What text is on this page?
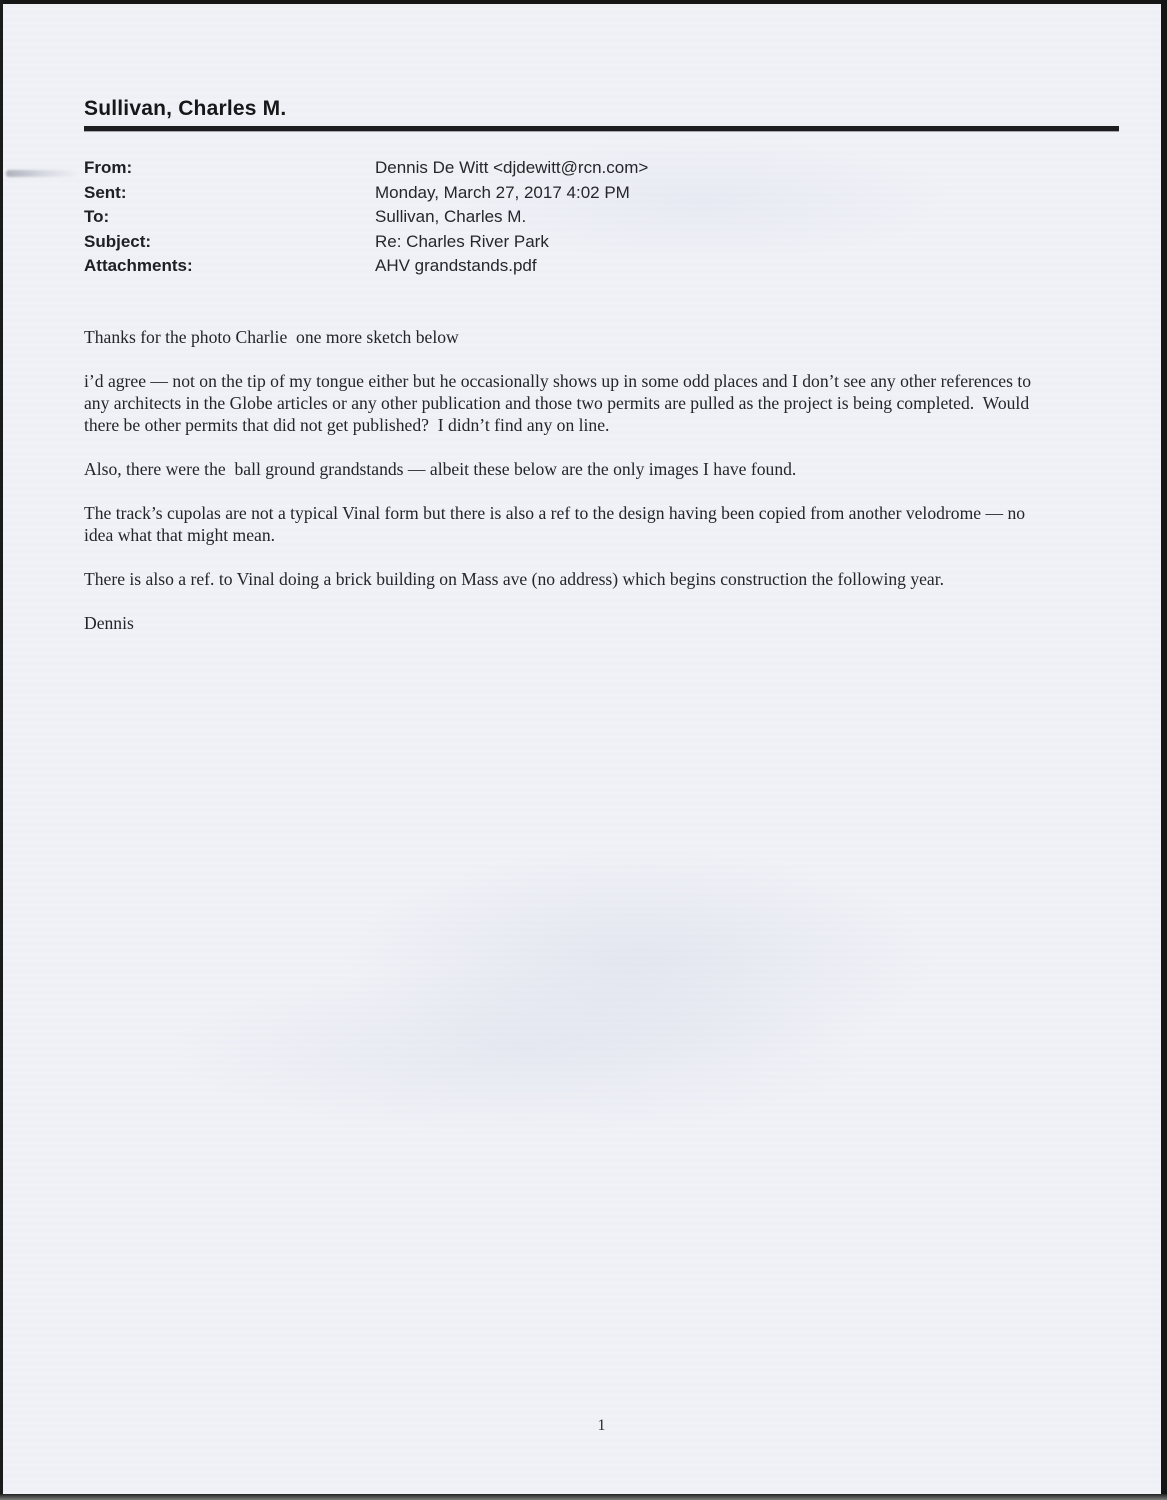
Sullivan, Charles M.
From:	Dennis De Witt <djdewitt@rcn.com>
Sent:	Monday, March 27, 2017 4:02 PM
To:	Sullivan, Charles M.
Subject:	Re: Charles River Park
Attachments:	AHV grandstands.pdf
Thanks for the photo Charlie  one more sketch below
i’d agree — not on the tip of my tongue either but he occasionally shows up in some odd places and I don’t see any other references to
any architects in the Globe articles or any other publication and those two permits are pulled as the project is being completed.  Would
there be other permits that did not get published?  I didn’t find any on line.
Also, there were the  ball ground grandstands — albeit these below are the only images I have found.
The track’s cupolas are not a typical Vinal form but there is also a ref to the design having been copied from another velodrome — no
idea what that might mean.
There is also a ref. to Vinal doing a brick building on Mass ave (no address) which begins construction the following year.
Dennis
1
